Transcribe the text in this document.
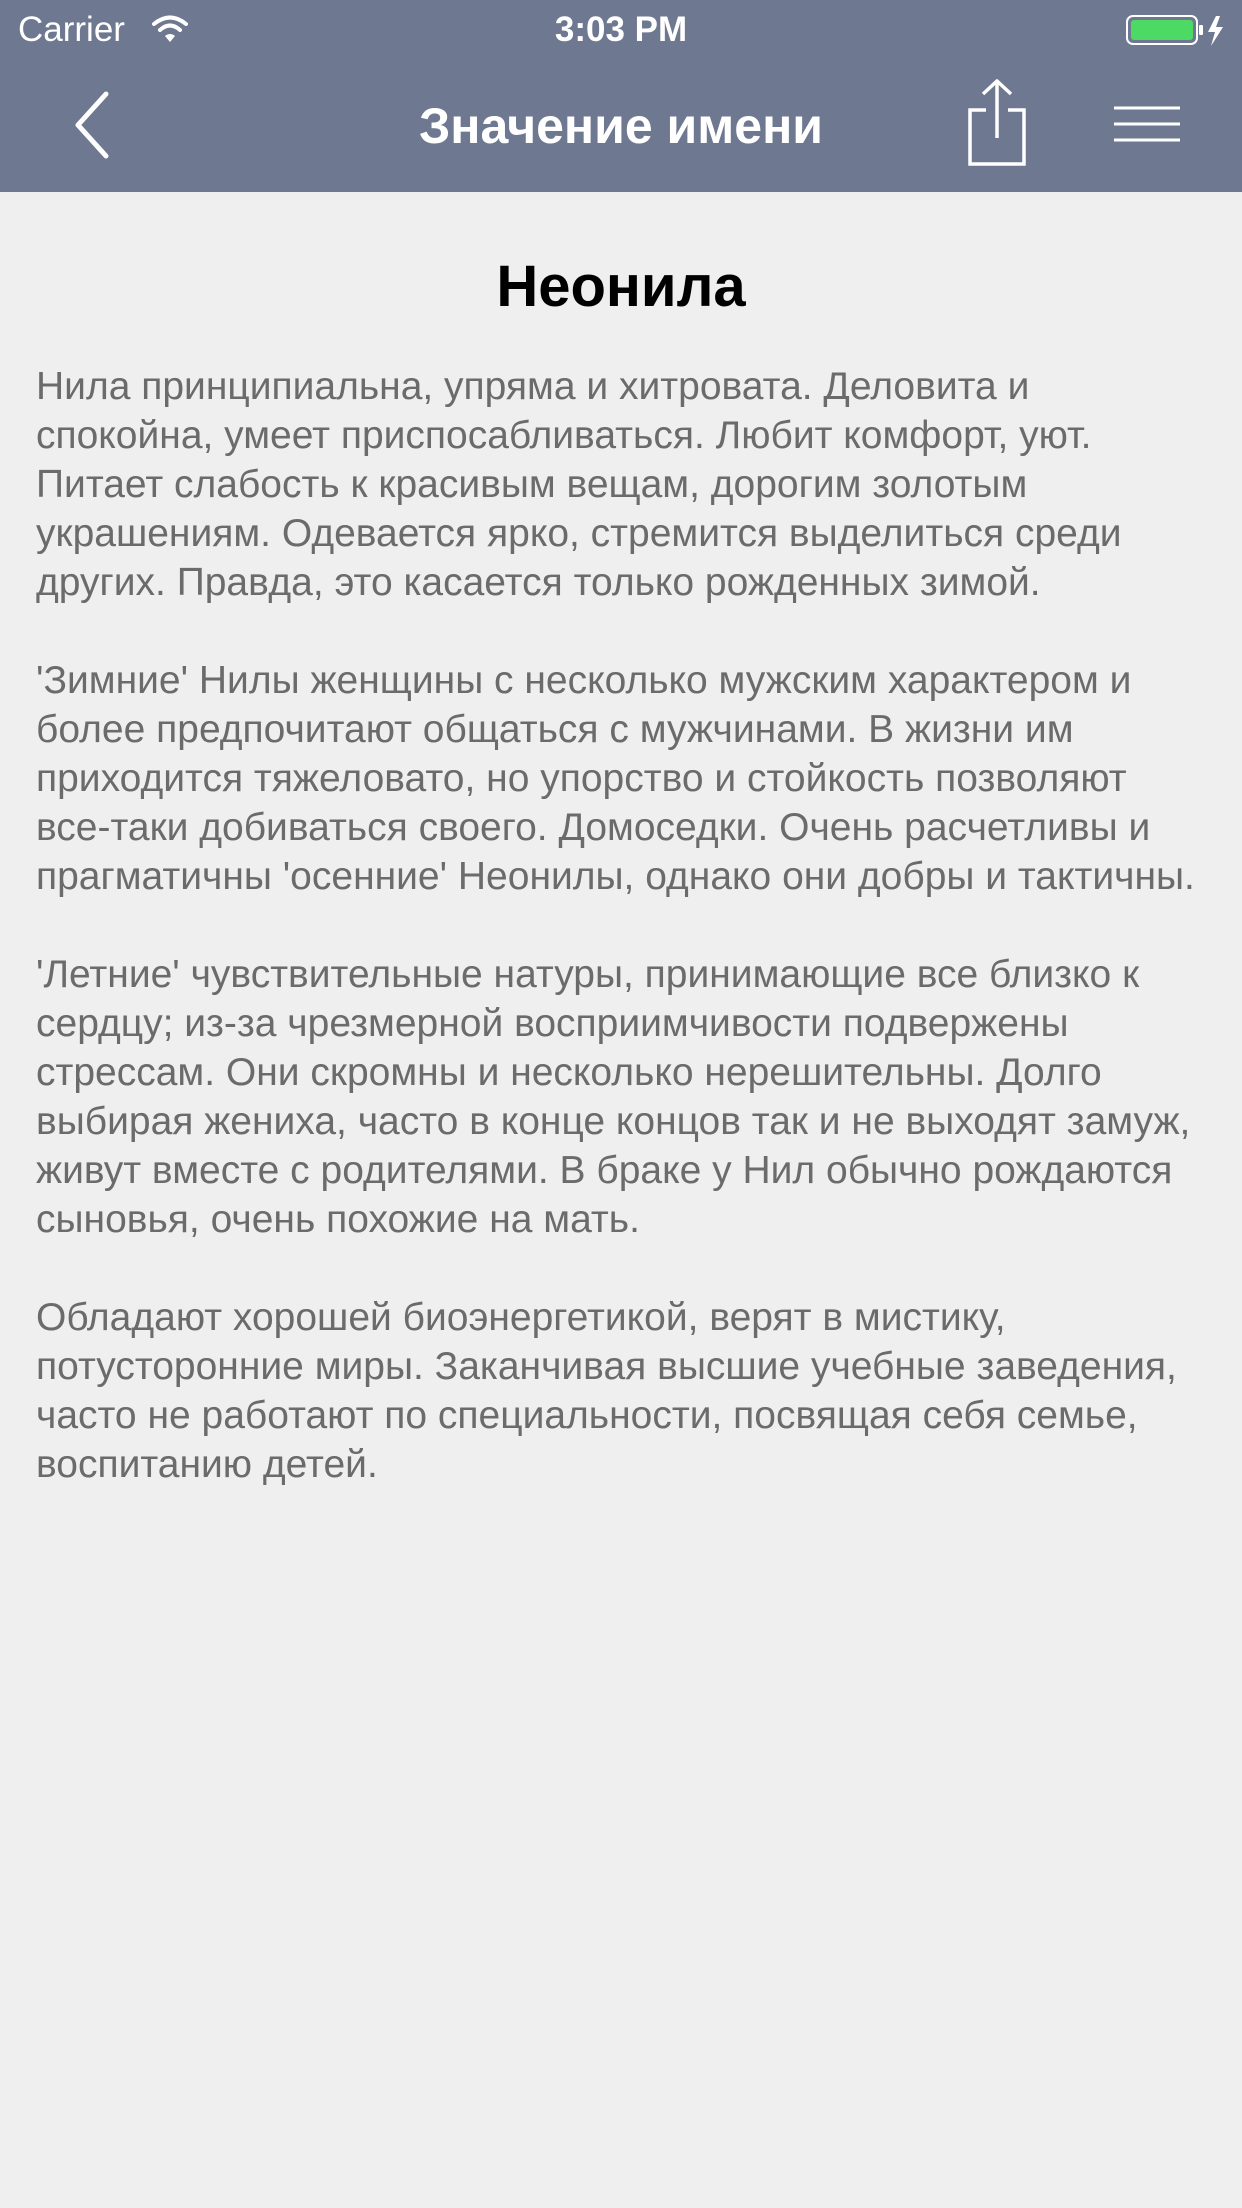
Carrier	3:03 PM
Значение имени
Неонила

Нила принципиальна, упряма и хитровата. Деловита и спокойна, умеет приспосабливаться. Любит комфорт, уют. Питает слабость к красивым вещам, дорогим золотым украшениям. Одевается ярко, стремится выделиться среди других. Правда, это касается только рожденных зимой.

'Зимние' Нилы женщины с несколько мужским характером и более предпочитают общаться с мужчинами. В жизни им приходится тяжеловато, но упорство и стойкость позволяют все-таки добиваться своего. Домоседки. Очень расчетливы и прагматичны 'осенние' Неонилы, однако они добры и тактичны.

'Летние' чувствительные натуры, принимающие все близко к сердцу; из-за чрезмерной восприимчивости подвержены стрессам. Они скромны и несколько нерешительны. Долго выбирая жениха, часто в конце концов так и не выходят замуж, живут вместе с родителями. В браке у Нил обычно рождаются сыновья, очень похожие на мать.

Обладают хорошей биоэнергетикой, верят в мистику, потусторонние миры. Заканчивая высшие учебные заведения, часто не работают по специальности, посвящая себя семье, воспитанию детей.
